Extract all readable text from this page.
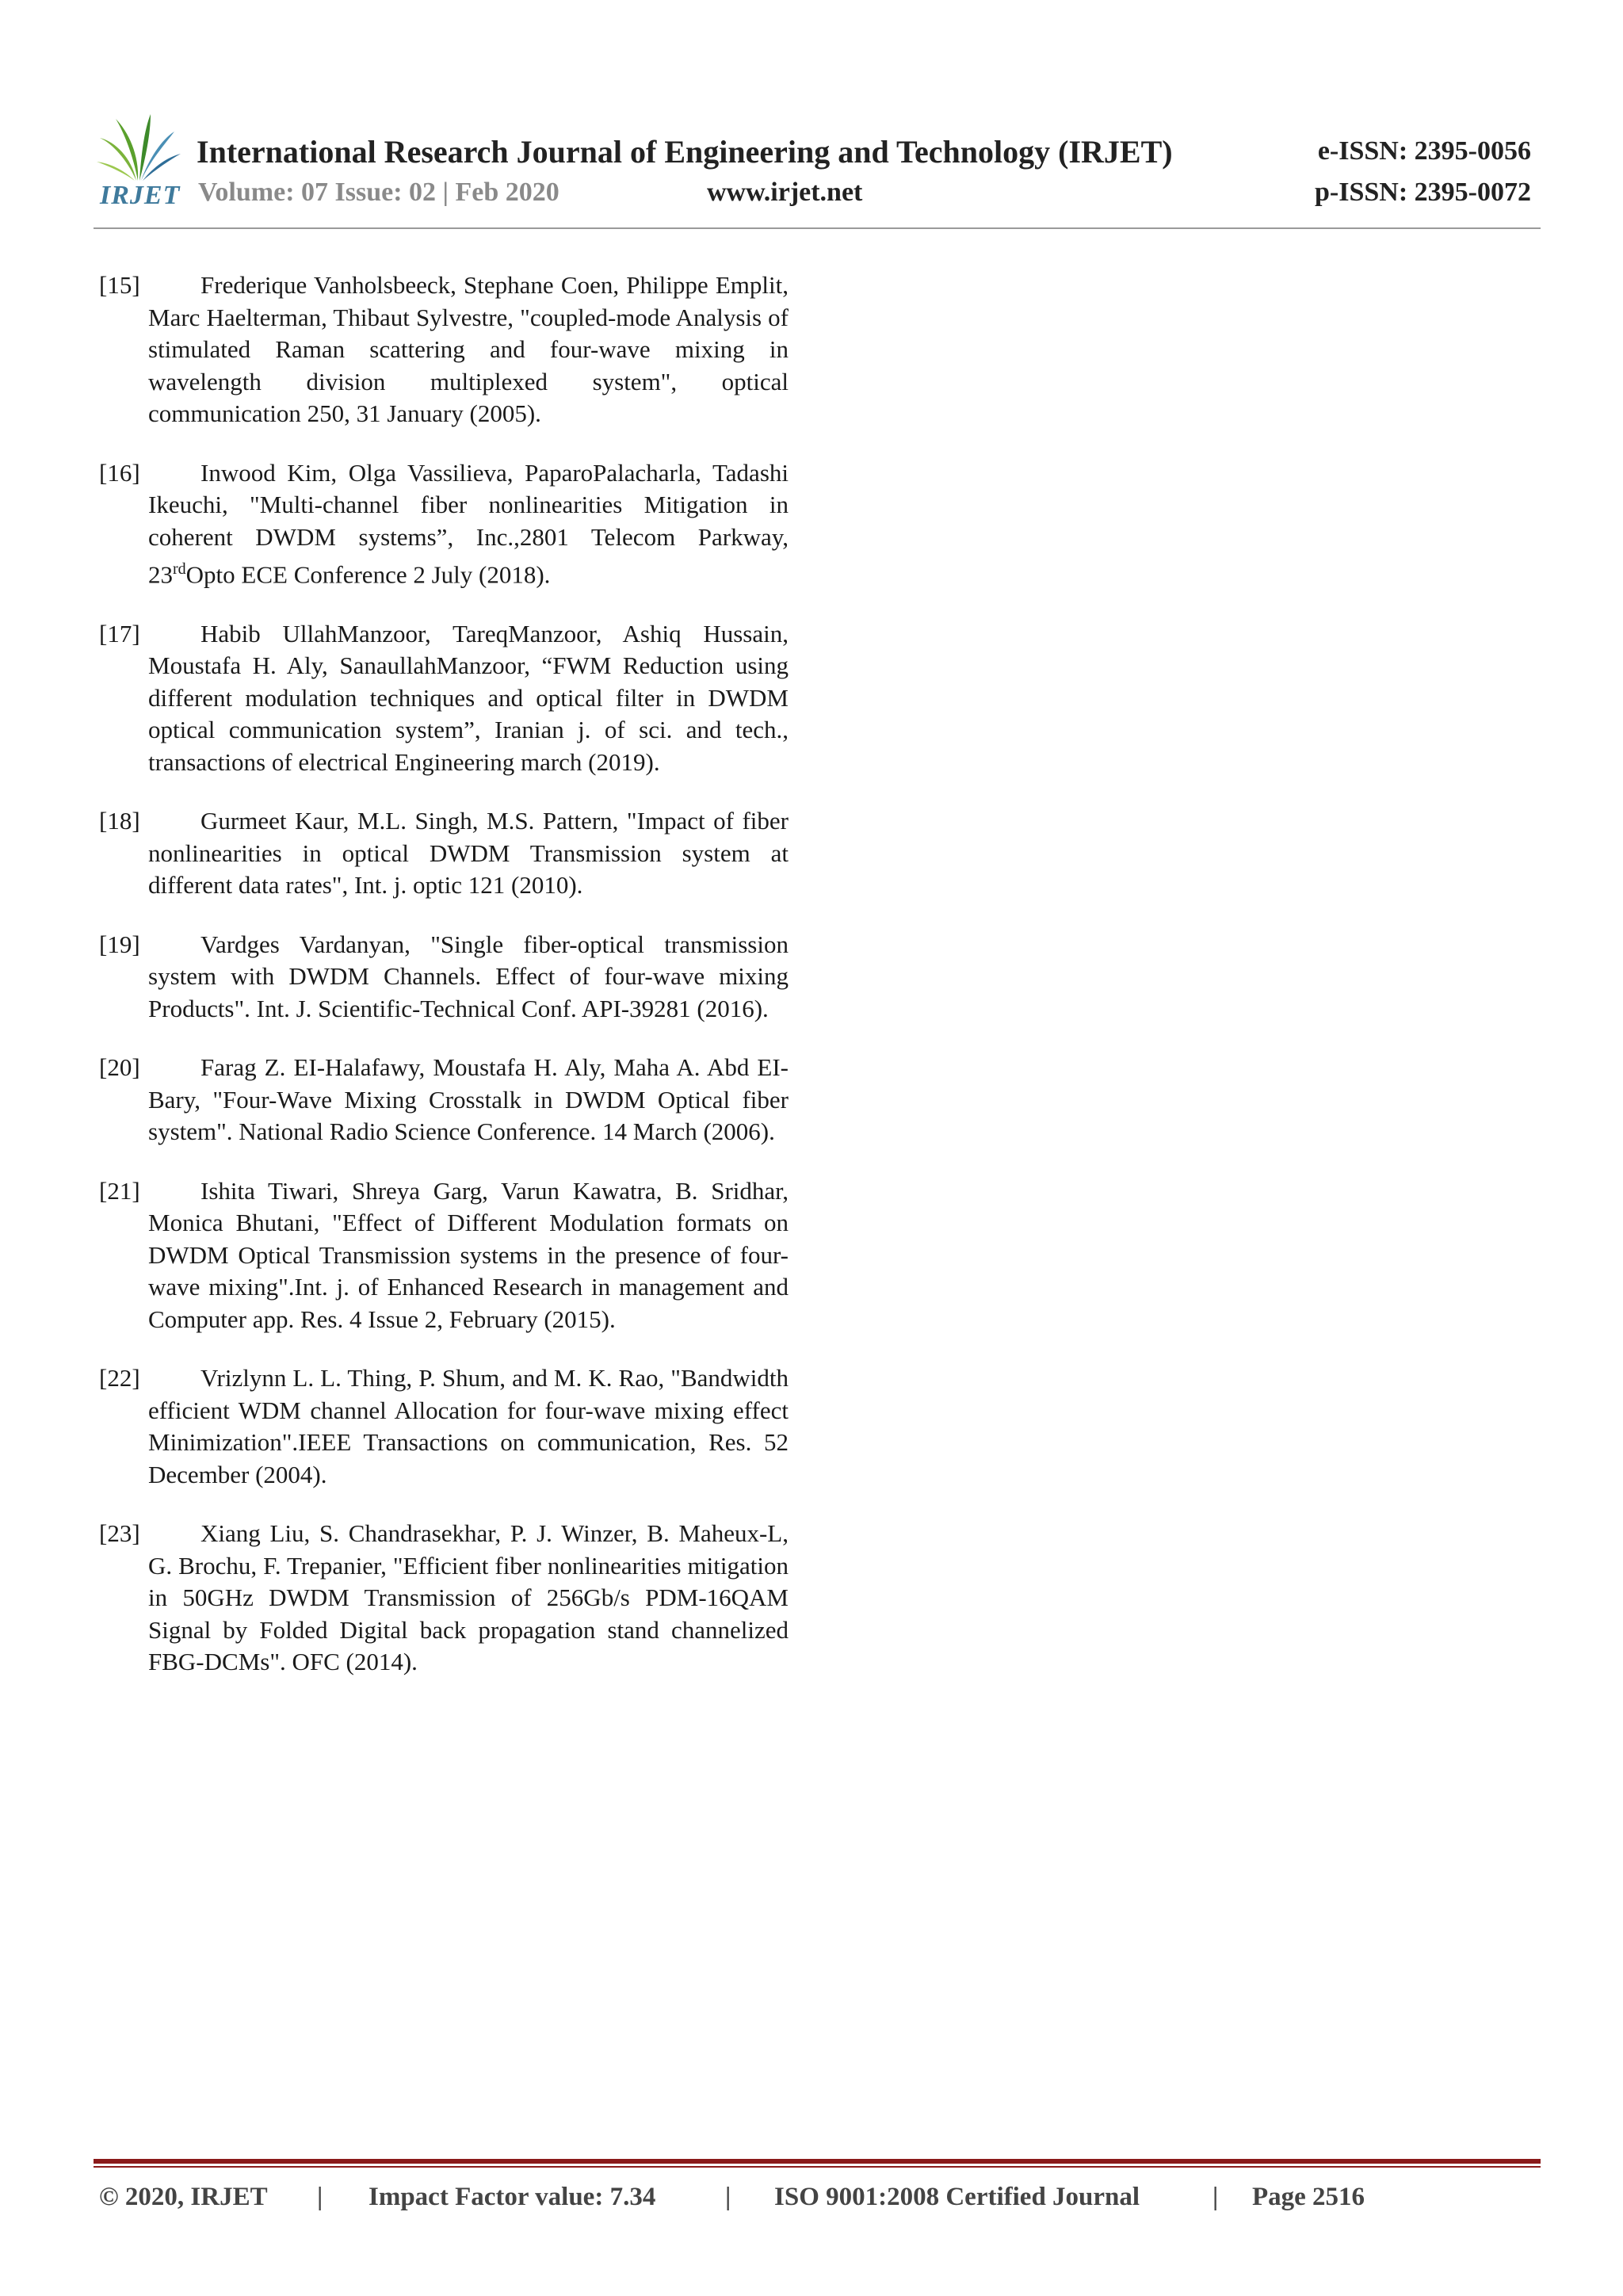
IRJET
International Research Journal of Engineering and Technology (IRJET)	e-ISSN: 2395-0056
Volume: 07 Issue: 02 | Feb 2020	www.irjet.net	p-ISSN: 2395-0072
[15]	Frederique Vanholsbeeck, Stephane Coen, Philippe Emplit, Marc Haelterman, Thibaut Sylvestre, "coupled-mode Analysis of stimulated Raman scattering and four-wave mixing in wavelength division multiplexed system", optical communication 250, 31 January (2005).
[16]	Inwood Kim, Olga Vassilieva, PaparoPalacharla, Tadashi Ikeuchi, "Multi-channel fiber nonlinearities Mitigation in coherent DWDM systems”, Inc.,2801 Telecom Parkway, 23rdOpto ECE Conference 2 July (2018).
[17]	Habib UllahManzoor, TareqManzoor, Ashiq Hussain, Moustafa H. Aly, SanaullahManzoor, “FWM Reduction using different modulation techniques and optical filter in DWDM optical communication system”, Iranian j. of sci. and tech., transactions of electrical Engineering march (2019).
[18]	Gurmeet Kaur, M.L. Singh, M.S. Pattern, "Impact of fiber nonlinearities in optical DWDM Transmission system at different data rates", Int. j. optic 121 (2010).
[19]	Vardges Vardanyan, "Single fiber-optical transmission system with DWDM Channels. Effect of four-wave mixing Products". Int. J. Scientific-Technical Conf. API-39281 (2016).
[20]	Farag Z. EI-Halafawy, Moustafa H. Aly, Maha A. Abd EI-Bary, "Four-Wave Mixing Crosstalk in DWDM Optical fiber system". National Radio Science Conference. 14 March (2006).
[21]	Ishita Tiwari, Shreya Garg, Varun Kawatra, B. Sridhar, Monica Bhutani, "Effect of Different Modulation formats on DWDM Optical Transmission systems in the presence of four-wave mixing".Int. j. of Enhanced Research in management and Computer app. Res. 4 Issue 2, February (2015).
[22]	Vrizlynn L. L. Thing, P. Shum, and M. K. Rao, "Bandwidth efficient WDM channel Allocation for four-wave mixing effect Minimization".IEEE Transactions on communication, Res. 52 December (2004).
[23]	Xiang Liu, S. Chandrasekhar, P. J. Winzer, B. Maheux-L, G. Brochu, F. Trepanier, "Efficient fiber nonlinearities mitigation in 50GHz DWDM Transmission of 256Gb/s PDM-16QAM Signal by Folded Digital back propagation stand channelized FBG-DCMs". OFC (2014).
© 2020, IRJET | Impact Factor value: 7.34	| ISO 9001:2008 Certified Journal	| Page 2516
